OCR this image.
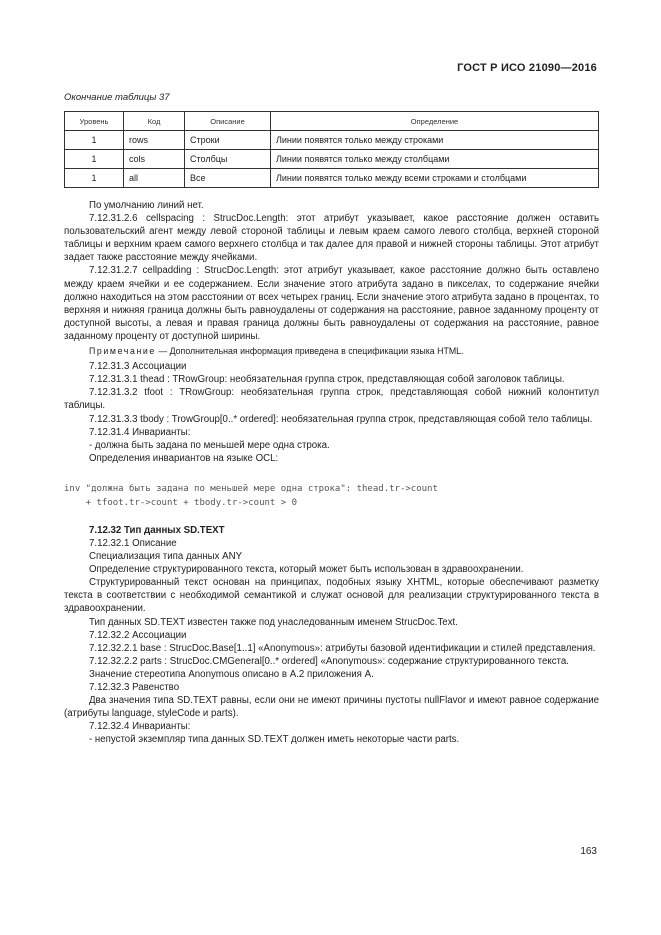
ГОСТ Р ИСО 21090—2016
Окончание таблицы 37
Уровень	Код	Описание	Определение
1	rows	Строки	Линии появятся только между строками
1	cols	Столбцы	Линии появятся только между столбцами
1	all	Все	Линии появятся только между всеми строками и столбцами

По умолчанию линий нет.

7.12.31.2.6 cellspacing : StrucDoc.Length: этот атрибут указывает, какое расстояние должен оставить пользовательский агент между левой стороной таблицы и левым краем самого левого столбца, верхней стороной таблицы и верхним краем самого верхнего столбца и так далее для правой и нижней стороны таблицы. Этот атрибут задает также расстояние между ячейками.

7.12.31.2.7 cellpadding : StrucDoc.Length: этот атрибут указывает, какое расстояние должно быть оставлено между краем ячейки и ее содержанием. Если значение этого атрибута задано в пикселах, то содержание ячейки должно находиться на этом расстоянии от всех четырех границ. Если значение этого атрибута задано в процентах, то верхняя и нижняя граница должны быть равноудалены от содержания на расстояние, равное заданному проценту от доступной высоты, а левая и правая граница должны быть равноудалены от содержания на расстояние, равное заданному проценту от доступной ширины.

Примечание — Дополнительная информация приведена в спецификации языка HTML.

7.12.31.3 Ассоциации

7.12.31.3.1 thead : TRowGroup: необязательная группа строк, представляющая собой заголовок таблицы.

7.12.31.3.2 tfoot : TRowGroup: необязательная группа строк, представляющая собой нижний колонтитул таблицы.

7.12.31.3.3 tbody : TrowGroup[0..* ordered]: необязательная группа строк, представляющая собой тело таблицы.

7.12.31.4 Инварианты:

- должна быть задана по меньшей мере одна строка.

Определения инвариантов на языке OCL:

inv "должна быть задана по меньшей мере одна строка": thead.tr->count
+ tfoot.tr->count + tbody.tr->count > 0

7.12.32 Тип данных SD.TEXT

7.12.32.1 Описание

Специализация типа данных ANY

Определение структурированного текста, который может быть использован в здравоохранении.

Структурированный текст основан на принципах, подобных языку XHTML, которые обеспечивают разметку текста в соответствии с необходимой семантикой и служат основой для реализации структурированного текста в здравоохранении.

Тип данных SD.TEXT известен также под унаследованным именем StrucDoc.Text.

7.12.32.2 Ассоциации

7.12.32.2.1 base : StrucDoc.Base[1..1] «Anonymous»: атрибуты базовой идентификации и стилей представления.

7.12.32.2.2 parts : StrucDoc.CMGeneral[0..* ordered] «Anonymous»: содержание структурированного текста.

Значение стереотипа Anonymous описано в А.2 приложения А.

7.12.32.3 Равенство

Два значения типа SD.TEXT равны, если они не имеют причины пустоты nullFlavor и имеют равное содержание (атрибуты language, styleCode и parts).

7.12.32.4 Инварианты:

- непустой экземпляр типа данных SD.TEXT должен иметь некоторые части parts.

163
